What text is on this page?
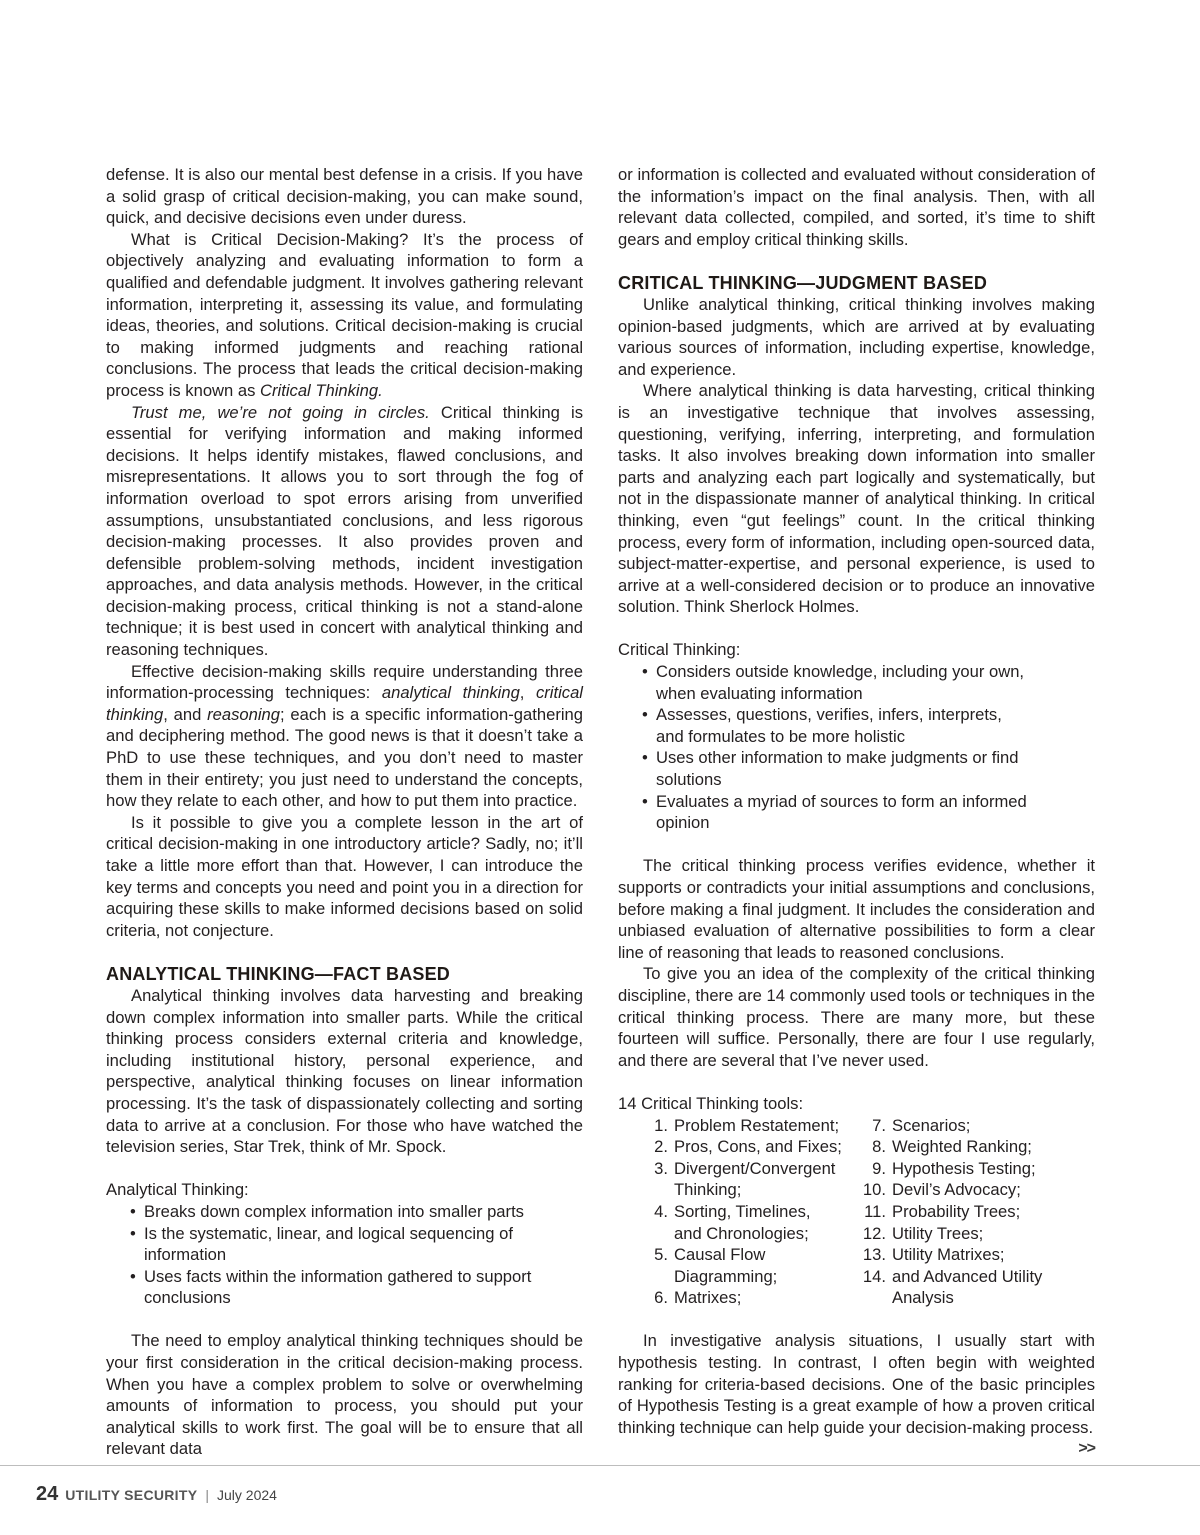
defense. It is also our mental best defense in a crisis. If you have a solid grasp of critical decision-making, you can make sound, quick, and decisive decisions even under duress.

What is Critical Decision-Making? It’s the process of objectively analyzing and evaluating information to form a qualified and defendable judgment. It involves gathering relevant information, interpreting it, assessing its value, and formulating ideas, theories, and solutions. Critical decision-making is crucial to making informed judgments and reaching rational conclusions. The process that leads the critical decision-making process is known as Critical Thinking.

Trust me, we’re not going in circles. Critical thinking is essential for verifying information and making informed decisions. It helps identify mistakes, flawed conclusions, and misrepresentations. It allows you to sort through the fog of information overload to spot errors arising from unverified assumptions, unsubstantiated conclusions, and less rigorous decision-making processes. It also provides proven and defensible problem-solving methods, incident investigation approaches, and data analysis methods. However, in the critical decision-making process, critical thinking is not a stand-alone technique; it is best used in concert with analytical thinking and reasoning techniques.

Effective decision-making skills require understanding three information-processing techniques: analytical thinking, critical thinking, and reasoning; each is a specific information-gathering and deciphering method. The good news is that it doesn’t take a PhD to use these techniques, and you don’t need to master them in their entirety; you just need to understand the concepts, how they relate to each other, and how to put them into practice.

Is it possible to give you a complete lesson in the art of critical decision-making in one introductory article? Sadly, no; it’ll take a little more effort than that. However, I can introduce the key terms and concepts you need and point you in a direction for acquiring these skills to make informed decisions based on solid criteria, not conjecture.

ANALYTICAL THINKING—FACT BASED

Analytical thinking involves data harvesting and breaking down complex information into smaller parts. While the critical thinking process considers external criteria and knowledge, including institutional history, personal experience, and perspective, analytical thinking focuses on linear information processing. It’s the task of dispassionately collecting and sorting data to arrive at a conclusion. For those who have watched the television series, Star Trek, think of Mr. Spock.

Analytical Thinking:

• Breaks down complex information into smaller parts
• Is the systematic, linear, and logical sequencing of information
• Uses facts within the information gathered to support conclusions

The need to employ analytical thinking techniques should be your first consideration in the critical decision-making process. When you have a complex problem to solve or overwhelming amounts of information to process, you should put your analytical skills to work first. The goal will be to ensure that all relevant data

or information is collected and evaluated without consideration of the information’s impact on the final analysis. Then, with all relevant data collected, compiled, and sorted, it’s time to shift gears and employ critical thinking skills.

CRITICAL THINKING—JUDGMENT BASED

Unlike analytical thinking, critical thinking involves making opinion-based judgments, which are arrived at by evaluating various sources of information, including expertise, knowledge, and experience.

Where analytical thinking is data harvesting, critical thinking is an investigative technique that involves assessing, questioning, verifying, inferring, interpreting, and formulation tasks. It also involves breaking down information into smaller parts and analyzing each part logically and systematically, but not in the dispassionate manner of analytical thinking. In critical thinking, even “gut feelings” count. In the critical thinking process, every form of information, including open-sourced data, subject-matter-expertise, and personal experience, is used to arrive at a well-considered decision or to produce an innovative solution. Think Sherlock Holmes.

Critical Thinking:

• Considers outside knowledge, including your own, when evaluating information
• Assesses, questions, verifies, infers, interprets, and formulates to be more holistic
• Uses other information to make judgments or find solutions
• Evaluates a myriad of sources to form an informed opinion

The critical thinking process verifies evidence, whether it supports or contradicts your initial assumptions and conclusions, before making a final judgment. It includes the consideration and unbiased evaluation of alternative possibilities to form a clear line of reasoning that leads to reasoned conclusions.

To give you an idea of the complexity of the critical thinking discipline, there are 14 commonly used tools or techniques in the critical thinking process. There are many more, but these fourteen will suffice. Personally, there are four I use regularly, and there are several that I’ve never used.

14 Critical Thinking tools:

1. Problem Restatement;
2. Pros, Cons, and Fixes;
3. Divergent/Convergent Thinking;
4. Sorting, Timelines, and Chronologies;
5. Causal Flow Diagramming;
6. Matrixes;
7. Scenarios;
8. Weighted Ranking;
9. Hypothesis Testing;
10. Devil’s Advocacy;
11. Probability Trees;
12. Utility Trees;
13. Utility Matrixes;
14. and Advanced Utility Analysis

In investigative analysis situations, I usually start with hypothesis testing. In contrast, I often begin with weighted ranking for criteria-based decisions. One of the basic principles of Hypothesis Testing is a great example of how a proven critical thinking technique can help guide your decision-making process.
>>

24 UTILITY SECURITY | July 2024
